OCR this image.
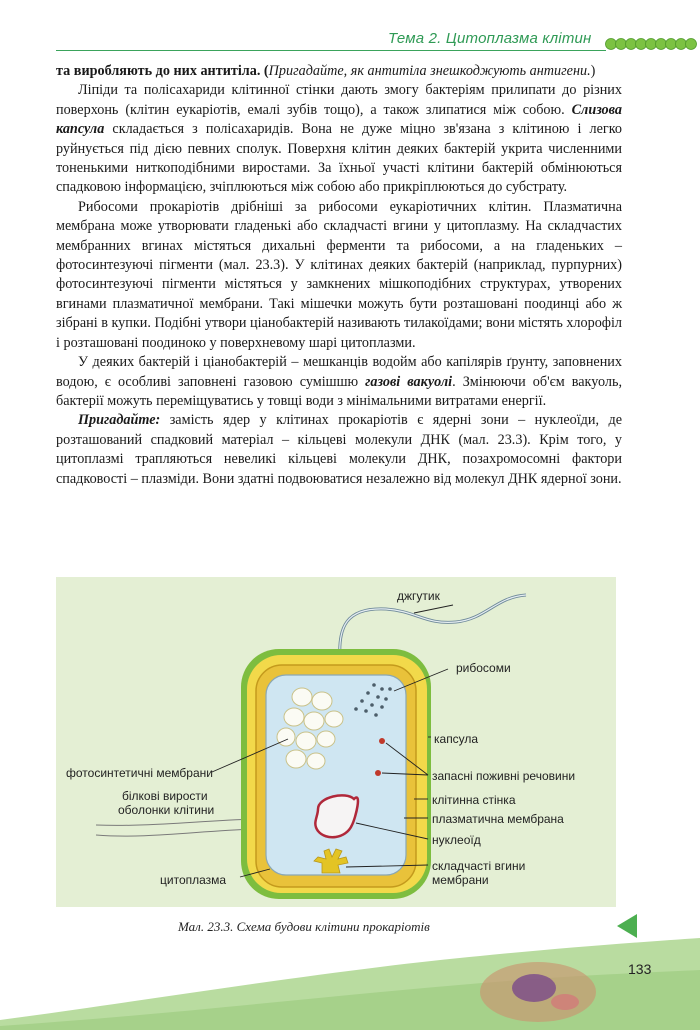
Тема 2. Цитоплазма клітин

та виробляють до них антитіла. (Пригадайте, як антитіла знешкоджують антигени.)

Ліпіди та полісахариди клітинної стінки дають змогу бактеріям прилипати до різних поверхонь (клітин еукаріотів, емалі зубів тощо), а також злипатися між собою. Слизова капсула складається з полісахаридів. Вона не дуже міцно зв'язана з клітиною і легко руйнується під дією певних сполук. Поверхня клітин деяких бактерій укрита численними тоненькими ниткоподібними виростами. За їхньої участі клітини бактерій обмінюються спадковою інформацією, зчіплюються між собою або прикріплюються до субстрату.

Рибосоми прокаріотів дрібніші за рибосоми еукаріотичних клітин. Плазматична мембрана може утворювати гладенькі або складчасті вгини у цитоплазму. На складчастих мембранних вгинах містяться дихальні ферменти та рибосоми, а на гладеньких – фотосинтезуючі пігменти (мал. 23.3). У клітинах деяких бактерій (наприклад, пурпурних) фотосинтезуючі пігменти містяться у замкнених мішкоподібних структурах, утворених вгинами плазматичної мембрани. Такі мішечки можуть бути розташовані поодинці або ж зібрані в купки. Подібні утвори ціанобактерій називають тилакоїдами; вони містять хлорофіл і розташовані поодиноко у поверхневому шарі цитоплазми.

У деяких бактерій і ціанобактерій – мешканців водойм або капілярів ґрунту, заповнених водою, є особливі заповнені газовою сумішшю газові вакуолі. Змінюючи об'єм вакуоль, бактерії можуть переміщуватись у товщі води з мінімальними витратами енергії.

Пригадайте: замість ядер у клітинах прокаріотів є ядерні зони – нуклеоїди, де розташований спадковий матеріал – кільцеві молекули ДНК (мал. 23.3). Крім того, у цитоплазмі трапляються невеликі кільцеві молекули ДНК, позахромосомні фактори спадковості – плазміди. Вони здатні подвоюватися незалежно від молекул ДНК ядерної зони.

джгутик
рибосоми
капсула
фотосинтетичні мембрани	запасні поживні речовини
білкові вирости
оболонки клітини
клітинна стінка
плазматична мембрана
нуклеоїд
цитоплазма
складчасті вгини
мембрани
Мал. 23.3. Схема будови клітини прокаріотів
133
